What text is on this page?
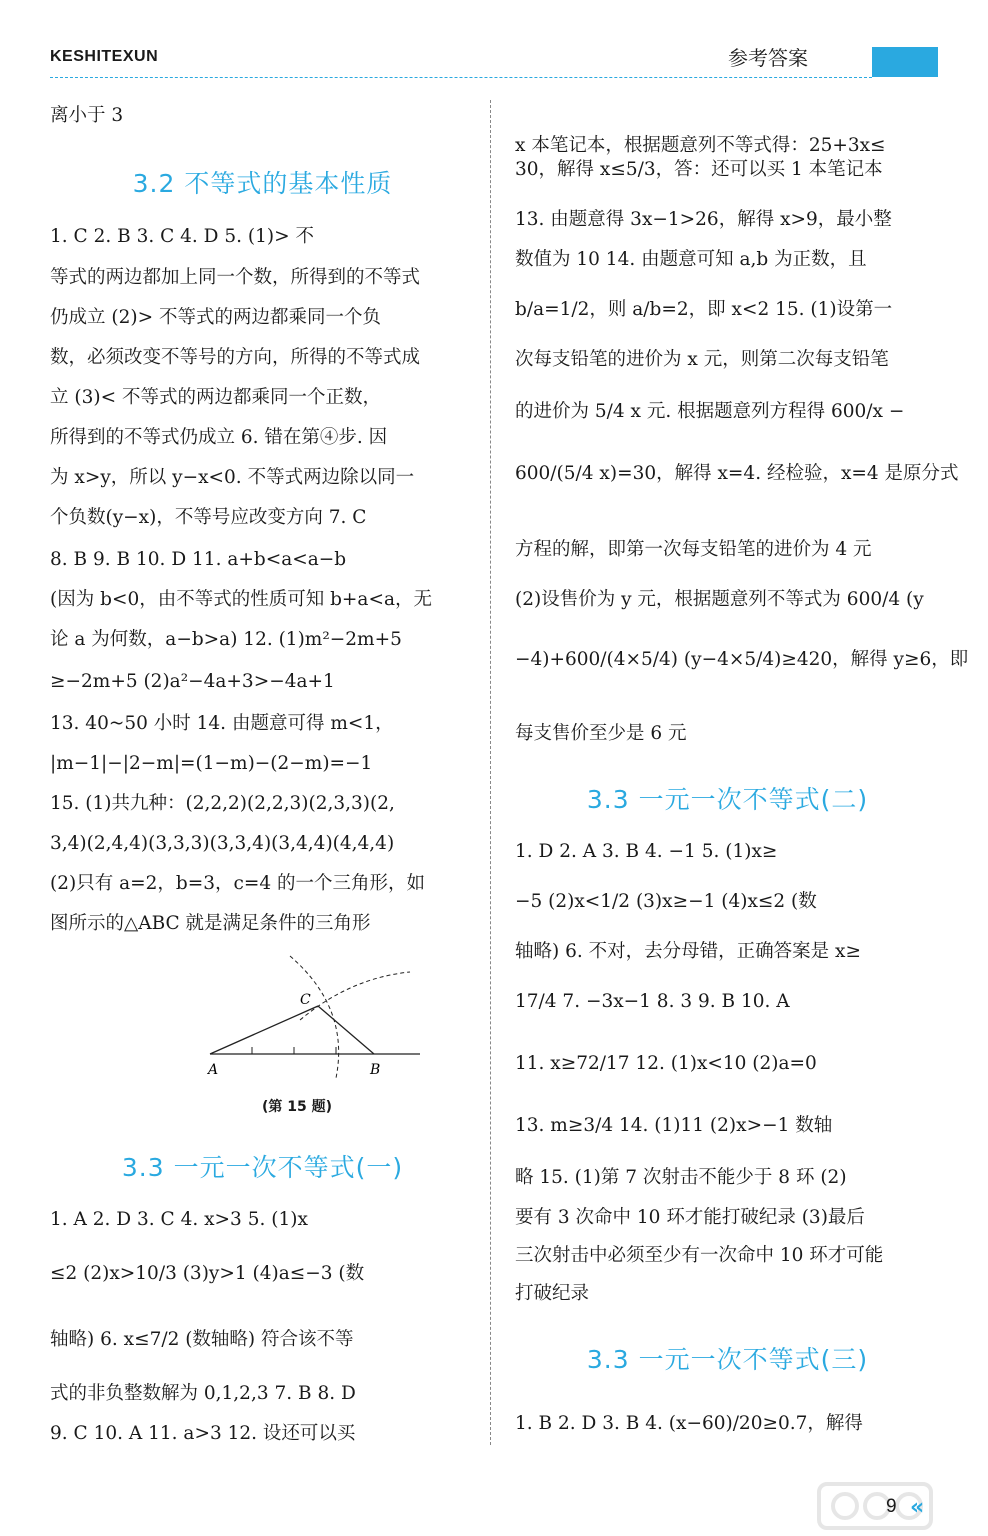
KESHITEXUN	参考答案
离小于 3
3.2 不等式的基本性质
1. C 2. B 3. C 4. D 5. (1)> 不
等式的两边都加上同一个数，所得到的不等式
仍成立 (2)> 不等式的两边都乘同一个负
数，必须改变不等号的方向，所得的不等式成
立 (3)< 不等式的两边都乘同一个正数，
所得到的不等式仍成立 6. 错在第④步. 因
为 x>y，所以 y−x<0. 不等式两边除以同一
个负数(y−x)，不等号应改变方向 7. C
8. B 9. B 10. D 11. a+b<a<a−b
(因为 b<0，由不等式的性质可知 b+a<a，无
论 a 为何数，a−b>a) 12. (1)m²−2m+5
≥−2m+5 (2)a²−4a+3>−4a+1
13. 40~50 小时 14. 由题意可得 m<1，
|m−1|−|2−m|=(1−m)−(2−m)=−1
15. (1)共九种：(2,2,2)(2,2,3)(2,3,3)(2,
3,4)(2,4,4)(3,3,3)(3,3,4)(3,4,4)(4,4,4)
(2)只有 a=2，b=3，c=4 的一个三角形，如
图所示的△ABC 就是满足条件的三角形
A	B
C
(第 15 题)
3.3 一元一次不等式(一)
1. A 2. D 3. C 4. x>3 5. (1)x
≤2 (2)x>10/3 (3)y>1 (4)a≤−3 (数
轴略) 6. x≤7/2 (数轴略) 符合该不等
式的非负整数解为 0,1,2,3 7. B 8. D
9. C 10. A 11. a>3 12. 设还可以买
x 本笔记本，根据题意列不等式得：25+3x≤
30，解得 x≤5/3，答：还可以买 1 本笔记本
13. 由题意得 3x−1>26，解得 x>9，最小整
数值为 10 14. 由题意可知 a,b 为正数，且
b/a=1/2，则 a/b=2，即 x<2 15. (1)设第一
次每支铅笔的进价为 x 元，则第二次每支铅笔
的进价为 5/4 x 元. 根据题意列方程得 600/x −
600/(5/4 x)=30，解得 x=4. 经检验，x=4 是原分式
方程的解，即第一次每支铅笔的进价为 4 元
(2)设售价为 y 元，根据题意列不等式为 600/4 (y
−4)+600/(4×5/4) (y−4×5/4)≥420，解得 y≥6，即
每支售价至少是 6 元
3.3 一元一次不等式(二)
1. D 2. A 3. B 4. −1 5. (1)x≥
−5 (2)x<1/2 (3)x≥−1 (4)x≤2 (数
轴略) 6. 不对，去分母错，正确答案是 x≥
17/4 7. −3x−1 8. 3 9. B 10. A
11. x≥72/17 12. (1)x<10 (2)a=0
13. m≥3/4 14. (1)11 (2)x>−1 数轴
略 15. (1)第 7 次射击不能少于 8 环 (2)
要有 3 次命中 10 环才能打破纪录 (3)最后
三次射击中必须至少有一次命中 10 环才可能
打破纪录
3.3 一元一次不等式(三)
1. B 2. D 3. B 4. (x−60)/20≥0.7，解得
9 «
